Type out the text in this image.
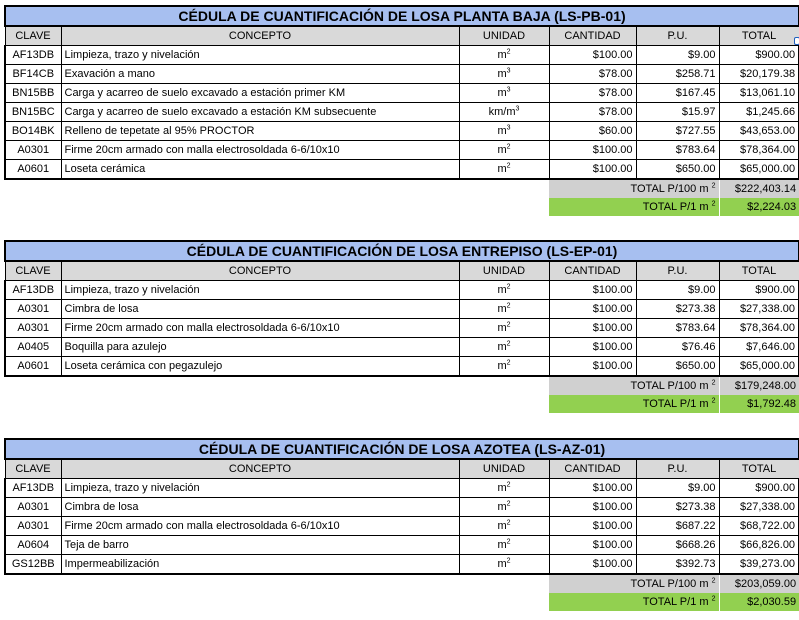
CÉDULA DE CUANTIFICACIÓN DE LOSA PLANTA BAJA (LS-PB-01)					
CLAVE	CONCEPTO	UNIDAD	CANTIDAD	P.U.	TOTAL
AF13DB	Limpieza, trazo y nivelación	$m^2$	$100.00	$9.00	$900.00
BF14CB	Exavación a mano	$m^3$	$78.00	$258.71	$20,179.38
BN15BB	Carga y acarreo de suelo excavado a estación primer KM	$m^3$	$78.00	$167.45	$13,061.10
BN15BC	Carga y acarreo de suelo excavado a estación KM subsecuente	$km/m^3$	$78.00	$15.97	$1,245.66
BO14BK	Relleno de tepetate al 95% PROCTOR	$m^3$	$60.00	$727.55	$43,653.00
A0301	Firme 20cm armado con malla electrosoldada 6-6/10x10	$m^2$	$100.00	$783.64	$78,364.00
A0601	Loseta cerámica	$m^2$	$100.00	$650.00	$65,000.00
			TOTAL P/100 m $^2$		$222,403.14
			TOTAL P/1 m $^2$		$2,224.03
CÉDULA DE CUANTIFICACIÓN DE LOSA ENTREPISO (LS-EP-01)					
CLAVE	CONCEPTO	UNIDAD	CANTIDAD	P.U.	TOTAL
AF13DB	Limpieza, trazo y nivelación	$m^2$	$100.00	$9.00	$900.00
A0301	Cimbra de losa	$m^2$	$100.00	$273.38	$27,338.00
A0301	Firme 20cm armado con malla electrosoldada 6-6/10x10	$m^2$	$100.00	$783.64	$78,364.00
A0405	Boquilla para azulejo	$m^2$	$100.00	$76.46	$7,646.00
A0601	Loseta cerámica con pegazulejo	$m^2$	$100.00	$650.00	$65,000.00
			TOTAL P/100 m $^2$		$179,248.00
			TOTAL P/1 m $^2$		$1,792.48
CÉDULA DE CUANTIFICACIÓN DE LOSA AZOTEA (LS-AZ-01)					
CLAVE	CONCEPTO	UNIDAD	CANTIDAD	P.U.	TOTAL
AF13DB	Limpieza, trazo y nivelación	$m^2$	$100.00	$9.00	$900.00
A0301	Cimbra de losa	$m^2$	$100.00	$273.38	$27,338.00
A0301	Firme 20cm armado con malla electrosoldada 6-6/10x10	$m^2$	$100.00	$687.22	$68,722.00
A0604	Teja de barro	$m^2$	$100.00	$668.26	$66,826.00
GS12BB	Impermeabilización	$m^2$	$100.00	$392.73	$39,273.00
			TOTAL P/100 m $^2$		$203,059.00
			TOTAL P/1 m $^2$		$2,030.59
